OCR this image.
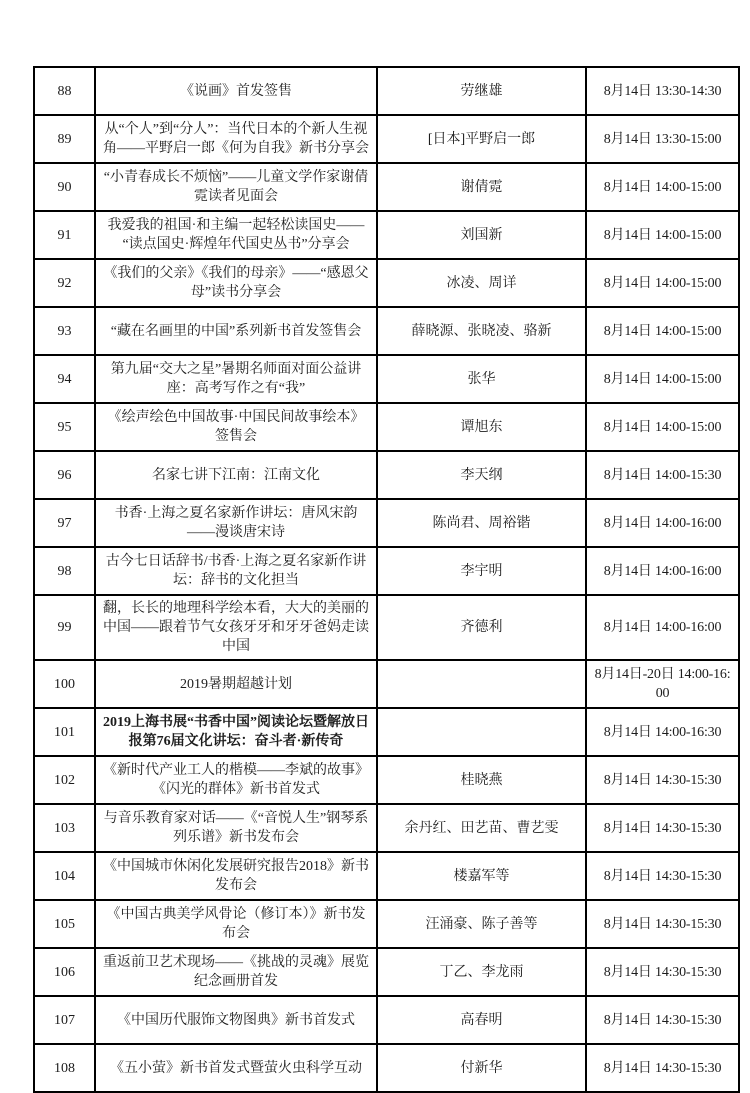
88	《说画》首发签售	劳继雄	8月14日 13:30-14:30
89	从“个人”到“分人”：当代日本的个新人生视角——平野启一郎《何为自我》新书分享会	[日本]平野启一郎	8月14日 13:30-15:00
90	“小青春成长不烦恼”——儿童文学作家谢倩霓读者见面会	谢倩霓	8月14日 14:00-15:00
91	我爱我的祖国·和主编一起轻松读国史——“读点国史·辉煌年代国史丛书”分享会	刘国新	8月14日 14:00-15:00
92	《我们的父亲》《我们的母亲》——“感恩父母”读书分享会	冰凌、周详	8月14日 14:00-15:00
93	“藏在名画里的中国”系列新书首发签售会	薛晓源、张晓凌、骆新	8月14日 14:00-15:00
94	第九届“交大之星”暑期名师面对面公益讲座：高考写作之有“我”	张华	8月14日 14:00-15:00
95	《绘声绘色中国故事·中国民间故事绘本》签售会	谭旭东	8月14日 14:00-15:00
96	名家七讲下江南：江南文化	李天纲	8月14日 14:00-15:30
97	书香·上海之夏名家新作讲坛：唐风宋韵——漫谈唐宋诗	陈尚君、周裕锴	8月14日 14:00-16:00
98	古今七日话辞书/书香·上海之夏名家新作讲坛：辞书的文化担当	李宇明	8月14日 14:00-16:00
99	翻，长长的地理科学绘本看，大大的美丽的中国——跟着节气女孩牙牙和牙牙爸妈走读中国	齐德利	8月14日 14:00-16:00
100	2019暑期超越计划		8月14日-20日 14:00-16:00
101	2019上海书展“书香中国”阅读论坛暨解放日报第76届文化讲坛：奋斗者·新传奇		8月14日 14:00-16:30
102	《新时代产业工人的楷模——李斌的故事》《闪光的群体》新书首发式	桂晓燕	8月14日 14:30-15:30
103	与音乐教育家对话——《“音悦人生”钢琴系列乐谱》新书发布会	余丹红、田艺苗、曹艺雯	8月14日 14:30-15:30
104	《中国城市休闲化发展研究报告2018》新书发布会	楼嘉军等	8月14日 14:30-15:30
105	《中国古典美学风骨论（修订本）》新书发布会	汪涌豪、陈子善等	8月14日 14:30-15:30
106	重返前卫艺术现场——《挑战的灵魂》展览纪念画册首发	丁乙、李龙雨	8月14日 14:30-15:30
107	《中国历代服饰文物图典》新书首发式	高春明	8月14日 14:30-15:30
108	《五小萤》新书首发式暨萤火虫科学互动	付新华	8月14日 14:30-15:30
